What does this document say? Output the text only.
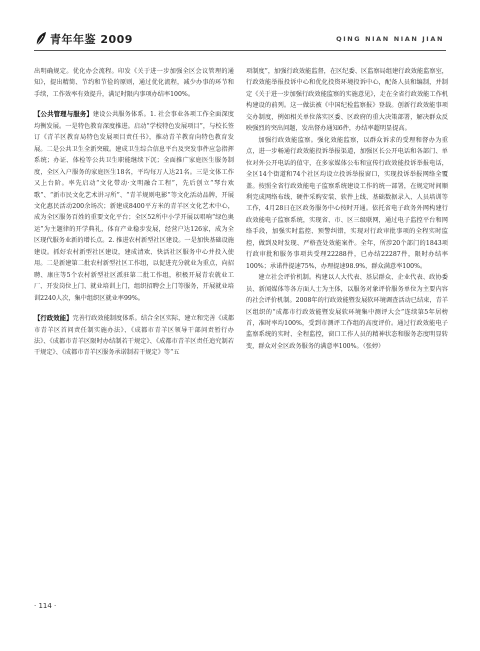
青年年鉴 2009	QING NIAN NIAN JIAN

出明确规定。优化办会流程。印发《关于进一步加强全区会议管理的通知》，提出精简、节约和节俭的原则，通过优化流程，减少办事的环节和手续，工作效率有效提升，满足时限内事项办结率100%。

【公共管理与服务】建设公共服务体系。1. 社会事业各项工作全面深度均衡发展。一是特色教育深度推进。启动“学校特色发展项目”，与校长签订《青羊区教育局特色发展项目责任书》，推动青羊教育向特色教育发展。二是公共卫生全新突破。建成卫生综合信息平台及突发事件应急指挥系统；办证、体检等公共卫生职能继续下沉；全面推广家庭医生服务制度，全区入户服务的家庭医生18名，平均每万人达21名。三是文体工作又上台阶。率先启动“文化带动·文明融合工程”，先后创立“琴台欢歌”、“新市民文化艺术讲习所”、“青羊规则电影”等文化活动品牌，开展文化惠民活动200余场次；新建成8400平方米的青羊区文化艺术中心，成为全区服务百姓的重要文化平台；全区52所中小学开展以唱响“绿色奥运”为主题律的开学典礼，体育产业稳步发展，经营户达126家，成为全区现代服务业新的增长点。2. 推进农村新型社区建设。一是加快基础设施建设。抓好农村新型社区建设，建成清欢、快活社区服务中心并投入使用。二是新建第二批农村新型社区工作组，以促进充分就业为重点，向招聘、康庄等5个农村新型社区派驻第二批工作组，积极开展青农就业工厂、开发岗位上门、就业培训上门，组织招聘会上门等服务，开展就业培训2240人次，集中组织区就业率99%。

【行政效能】完善行政效能制度体系。结合全区实际，建立和完善《成都市青羊区首问责任制实施办法》、《成都市青羊区领导干部问责暂行办法》、《成都市青羊区限时办结制若干规定》、《成都市青羊区责任追究制若干规定》、《成都市青羊区服务承诺制若干规定》等“五

项制度”，加强行政效能监督，在区纪委、区监察局组建行政效能监察室，行政效能举报投诉中心和优化投资环境投诉中心，配备人员和编制，并制定《关于进一步加强行政效能监察的实施意见》，走在全省行政效能工作机构建设的前列。这一做法被《中国纪检监察报》登载。创新行政效能事项交办制度，例如相关单位落实区委、区政府的重大决策部署，解决群众反映强烈的突出问题，发出督办通知6件，办结率超明显提高。

加强行政效能监察。强化效能监察，以群众诉求的受理和督办为重点，进一步畅通行政效能投诉举报渠道，加强区长公开电话和各部门、单位对外公开电话的值守，在多家媒体公布和宣传行政效能投诉举报电话，全区14个街道和74个社区均设立投诉举报窗口，实现投诉举报网络全覆盖。按照全省行政效能电子监察系统建设工作的统一部署，在规定时间顺利完成网络布线、硬件采购安装、软件上线、基础数据录入、人员培训等工作，4月28日在区政务服务中心按时开通。依托省电子政务外网构建行政效能电子监察系统，实现省、市、区三级联网，通过电子监控平台和网络手段，加强实时监控、预警纠错，实现对行政审批事项的全程实时监控，做到及时发现、严格查处效能案件。全年，所涉20个部门的1843项行政审批和服务事项共受理22288件，已办结22287件，限时办结率100%；承诺件提速75%，办理提速98.9%，群众满意率100%。

建立社会评价机制。构建以人大代表、基层群众、企业代表、政协委员、新闻媒体等各方面人士为主体，以服务对象评价服务单位为主要内容的社会评价机制。2008年的行政效能暨发展软环境调查活动已结束，青羊区组织的“成都市行政效能暨发展软环境集中测评大会”连续第5年居榜首，准时率均100%，受到市测评工作组的高度评价。通过行政效能电子监察系统的实时、全程监控，窗口工作人员的精神状态和服务态度明显转变，群众对全区政务服务的满意率100%。（张婷）

· 114 ·
